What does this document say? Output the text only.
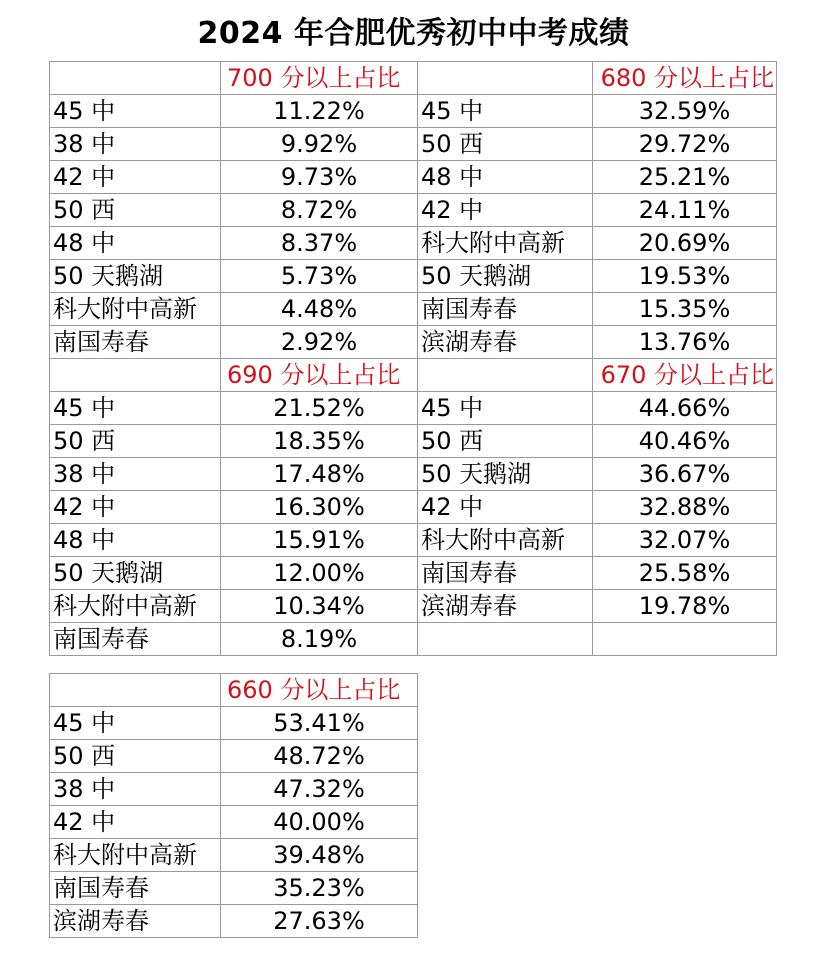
2024 年合肥优秀初中中考成绩
	700 分以上占比		680 分以上占比
45 中	11.22%	45 中	32.59%
38 中	9.92%	50 西	29.72%
42 中	9.73%	48 中	25.21%
50 西	8.72%	42 中	24.11%
48 中	8.37%	科大附中高新	20.69%
50 天鹅湖	5.73%	50 天鹅湖	19.53%
科大附中高新	4.48%	南国寿春	15.35%
南国寿春	2.92%	滨湖寿春	13.76%
	690 分以上占比		670 分以上占比
45 中	21.52%	45 中	44.66%
50 西	18.35%	50 西	40.46%
38 中	17.48%	50 天鹅湖	36.67%
42 中	16.30%	42 中	32.88%
48 中	15.91%	科大附中高新	32.07%
50 天鹅湖	12.00%	南国寿春	25.58%
科大附中高新	10.34%	滨湖寿春	19.78%
南国寿春	8.19%		
	660 分以上占比
45 中	53.41%
50 西	48.72%
38 中	47.32%
42 中	40.00%
科大附中高新	39.48%
南国寿春	35.23%
滨湖寿春	27.63%
